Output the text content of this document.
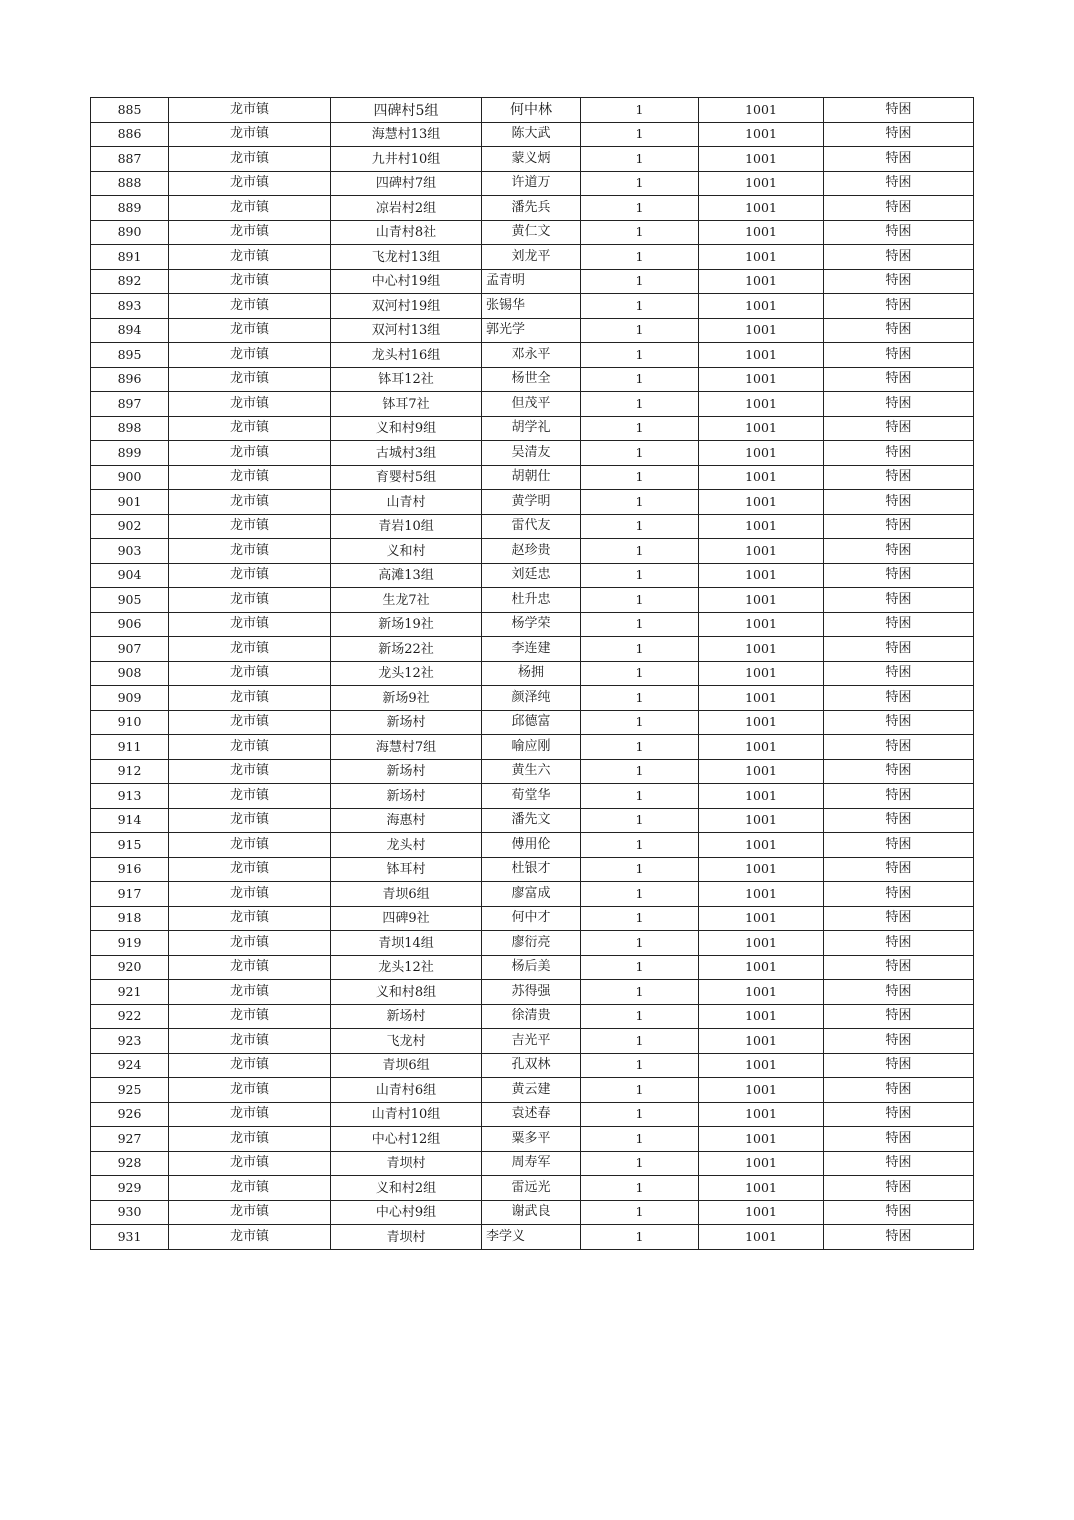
885	龙市镇	四碑村5组	何中林	1	1001	特困
886	龙市镇	海慧村13组	陈大武	1	1001	特困
887	龙市镇	九井村10组	蒙义炳	1	1001	特困
888	龙市镇	四碑村7组	许道万	1	1001	特困
889	龙市镇	凉岩村2组	潘先兵	1	1001	特困
890	龙市镇	山青村8社	黄仁文	1	1001	特困
891	龙市镇	飞龙村13组	刘龙平	1	1001	特困
892	龙市镇	中心村19组	孟青明	1	1001	特困
893	龙市镇	双河村19组	张锡华	1	1001	特困
894	龙市镇	双河村13组	郭光学	1	1001	特困
895	龙市镇	龙头村16组	邓永平	1	1001	特困
896	龙市镇	钵耳12社	杨世全	1	1001	特困
897	龙市镇	钵耳7社	但茂平	1	1001	特困
898	龙市镇	义和村9组	胡学礼	1	1001	特困
899	龙市镇	古城村3组	吴清友	1	1001	特困
900	龙市镇	育婴村5组	胡朝仕	1	1001	特困
901	龙市镇	山青村	黄学明	1	1001	特困
902	龙市镇	青岩10组	雷代友	1	1001	特困
903	龙市镇	义和村	赵珍贵	1	1001	特困
904	龙市镇	高滩13组	刘廷忠	1	1001	特困
905	龙市镇	生龙7社	杜升忠	1	1001	特困
906	龙市镇	新场19社	杨学荣	1	1001	特困
907	龙市镇	新场22社	李连建	1	1001	特困
908	龙市镇	龙头12社	杨拥	1	1001	特困
909	龙市镇	新场9社	颜泽纯	1	1001	特困
910	龙市镇	新场村	邱德富	1	1001	特困
911	龙市镇	海慧村7组	喻应刚	1	1001	特困
912	龙市镇	新场村	黄生六	1	1001	特困
913	龙市镇	新场村	荀堂华	1	1001	特困
914	龙市镇	海惠村	潘先文	1	1001	特困
915	龙市镇	龙头村	傅用伦	1	1001	特困
916	龙市镇	钵耳村	杜银才	1	1001	特困
917	龙市镇	青坝6组	廖富成	1	1001	特困
918	龙市镇	四碑9社	何中才	1	1001	特困
919	龙市镇	青坝14组	廖衍亮	1	1001	特困
920	龙市镇	龙头12社	杨后美	1	1001	特困
921	龙市镇	义和村8组	苏得强	1	1001	特困
922	龙市镇	新场村	徐清贵	1	1001	特困
923	龙市镇	飞龙村	吉光平	1	1001	特困
924	龙市镇	青坝6组	孔双林	1	1001	特困
925	龙市镇	山青村6组	黄云建	1	1001	特困
926	龙市镇	山青村10组	袁述春	1	1001	特困
927	龙市镇	中心村12组	粟多平	1	1001	特困
928	龙市镇	青坝村	周寿军	1	1001	特困
929	龙市镇	义和村2组	雷远光	1	1001	特困
930	龙市镇	中心村9组	谢武良	1	1001	特困
931	龙市镇	青坝村	李学义	1	1001	特困
